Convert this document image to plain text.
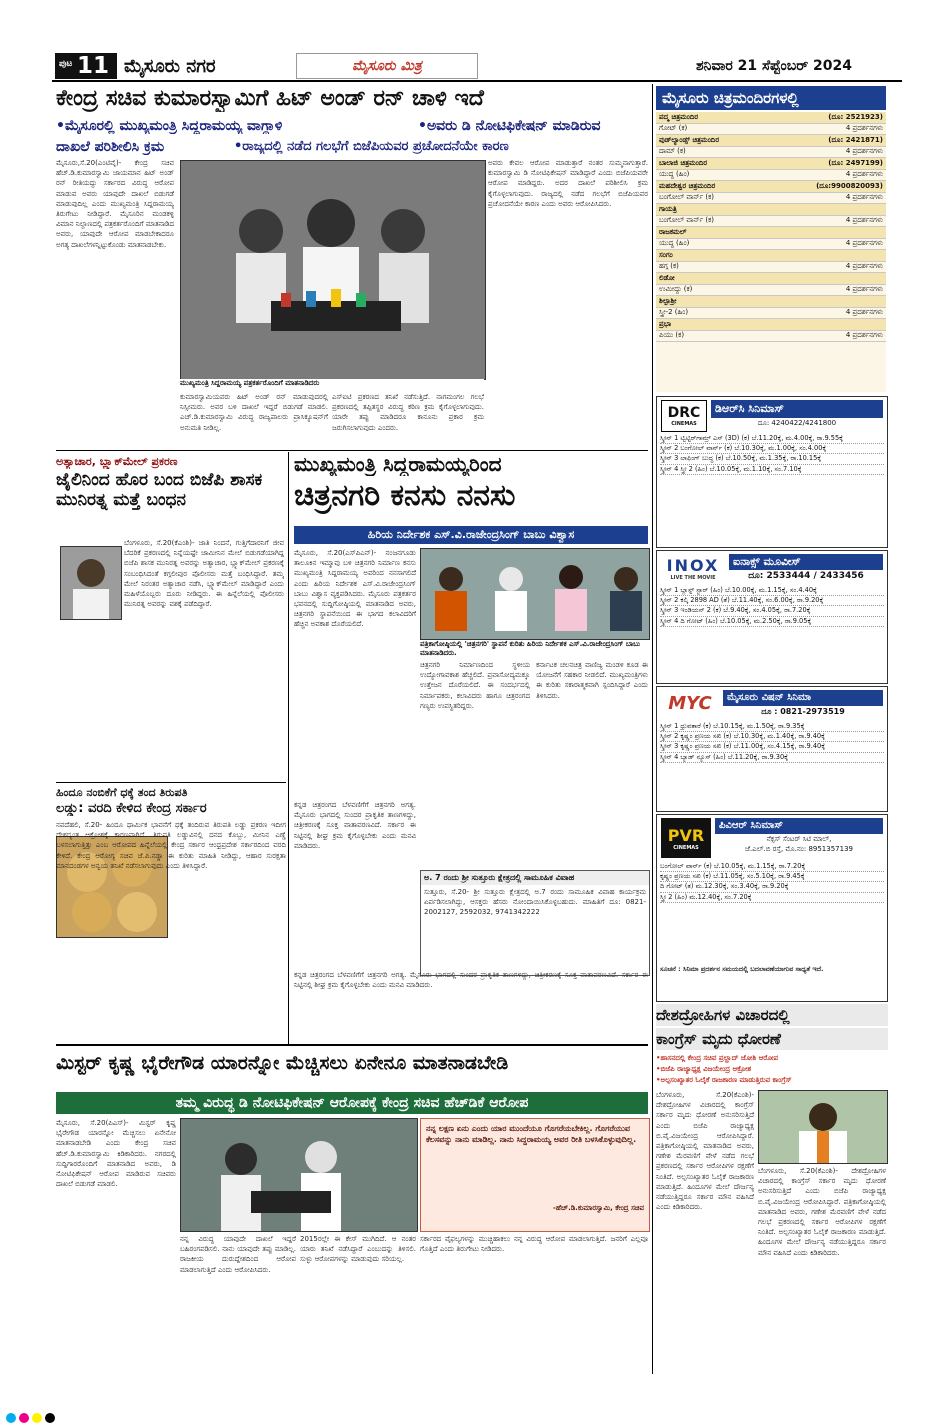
ಪುಟ 11 ಮೈಸೂರು ನಗರ	ಮೈಸೂರು ಮಿತ್ರ	ಶನಿವಾರ 21 ಸೆಪ್ಟೆಂಬರ್ 2024
ಕೇಂದ್ರ ಸಚಿವ ಕುಮಾರಸ್ವಾಮಿಗೆ ಹಿಟ್ ಅಂಡ್ ರನ್ ಚಾಳಿ ಇದೆ
•ಮೈಸೂರಲ್ಲಿ ಮುಖ್ಯಮಂತ್ರಿ ಸಿದ್ದರಾಮಯ್ಯ ವಾಗ್ದಾಳಿ	•ಅವರು ಡಿ ನೋಟಿಫಿಕೇಷನ್ ಮಾಡಿರುವ
ದಾಖಲೆ ಪರಿಶೀಲಿಸಿ ಕ್ರಮ	•ರಾಜ್ಯದಲ್ಲಿ ನಡೆದ ಗಲಭೆಗೆ ಬಿಜೆಪಿಯವರ ಪ್ರಚೋದನೆಯೇ ಕಾರಣ
ಮೈಸೂರು,ಸೆ.20(ಎಂಟಿವೈ)- ಕೇಂದ್ರ ಸಚಿವ ಹೆಚ್.ಡಿ.ಕುಮಾರಸ್ವಾಮಿ ಜಾಯಮಾನ ಹಿಟ್ ಅಂಡ್ ರನ್ ರೀತಿಯದ್ದು ಸರ್ಕಾರದ ವಿರುದ್ಧ ಆರೋಪ ಮಾಡುವ ಅವರು ಯಾವುದೇ ದಾಖಲೆ ಬಿಡುಗಡೆ ಮಾಡುವುದಿಲ್ಲ ಎಂದು ಮುಖ್ಯಮಂತ್ರಿ ಸಿದ್ದರಾಮಯ್ಯ ತಿರುಗೇಟು ನೀಡಿದ್ದಾರೆ. ಮೈಸೂರಿನ ಮಂಡಕಳ್ಳಿ ವಿಮಾನ ನಿಲ್ದಾಣದಲ್ಲಿ ಪತ್ರಕರ್ತರೊಂದಿಗೆ ಮಾತನಾಡಿದ ಅವರು, ಯಾವುದೇ ಆರೋಪ ಮಾಡಬೇಕಾದರೂ ಅಗತ್ಯ ದಾಖಲೆಗಳನ್ನಿಟ್ಟುಕೊಂಡು ಮಾತನಾಡಬೇಕು.
ಮುಖ್ಯಮಂತ್ರಿ ಸಿದ್ದರಾಮಯ್ಯ ಪತ್ರಕರ್ತರೊಂದಿಗೆ ಮಾತನಾಡಿದರು
ಅವರು ಕೇವಲ ಆರೋಪ ಮಾಡುತ್ತಾರೆ ನಂತರ ಸುಮ್ಮನಾಗುತ್ತಾರೆ. ಕುಮಾರಸ್ವಾಮಿ ಡಿ ನೋಟಿಫಿಕೇಷನ್ ಮಾಡಿದ್ದಾರೆ ಎಂದು ಬಿಜೆಪಿಯವರೇ ಆರೋಪ ಮಾಡಿದ್ದರು. ಅದರ ದಾಖಲೆ ಪರಿಶೀಲಿಸಿ ಕ್ರಮ ಕೈಗೊಳ್ಳಲಾಗುವುದು. ರಾಜ್ಯದಲ್ಲಿ ನಡೆದ ಗಲಭೆಗೆ ಬಿಜೆಪಿಯವರ ಪ್ರಚೋದನೆಯೇ ಕಾರಣ ಎಂದು ಅವರು ಆರೋಪಿಸಿದರು.
ಕುಮಾರಸ್ವಾಮಿಯವರು ಹಿಟ್ ಅಂಡ್ ರನ್ ಮಾಡುವುದರಲ್ಲಿ ನಿಸ್ಸೀಮರು. ಅವರ ಬಳಿ ದಾಖಲೆ ಇದ್ದರೆ ಬಿಡುಗಡೆ ಮಾಡಲಿ. ಎಚ್.ಡಿ.ಕುಮಾರಸ್ವಾಮಿ ವಿರುದ್ಧ ರಾಜ್ಯಪಾಲರು ಪ್ರಾಸಿಕ್ಯೂಷನ್‌ಗೆ ಅನುಮತಿ ನೀಡಿಲ್ಲ.
ಎಸ್‌ಐಟಿ ಪ್ರಕರಣದ ತನಿಖೆ ನಡೆಸುತ್ತಿದೆ. ನಾಗಮಂಗಲ ಗಲಭೆ ಪ್ರಕರಣದಲ್ಲಿ ತಪ್ಪಿತಸ್ಥರ ವಿರುದ್ಧ ಕಠಿಣ ಕ್ರಮ ಕೈಗೊಳ್ಳಲಾಗುವುದು. ಯಾರೇ ತಪ್ಪು ಮಾಡಿದರೂ ಕಾನೂನು ಪ್ರಕಾರ ಕ್ರಮ ಜರುಗಿಸಲಾಗುವುದು ಎಂದರು.
ಅತ್ಯಾಚಾರ, ಬ್ಲ್ಯಾಕ್‌ಮೇಲ್ ಪ್ರಕರಣ
ಜೈಲಿನಿಂದ ಹೊರ ಬಂದ ಬಿಜೆಪಿ ಶಾಸಕ ಮುನಿರತ್ನ ಮತ್ತೆ ಬಂಧನ
ಬೆಂಗಳೂರು, ಸೆ.20(ಕೆಎಂಶಿ)- ಜಾತಿ ನಿಂದನೆ, ಗುತ್ತಿಗೆದಾರನಿಗೆ ಜೀವ ಬೆದರಿಕೆ ಪ್ರಕರಣದಲ್ಲಿ ನಿನ್ನೆಯಷ್ಟೇ ಜಾಮೀನಿನ ಮೇಲೆ ಬಿಡುಗಡೆಯಾಗಿದ್ದ ಬಿಜೆಪಿ ಶಾಸಕ ಮುನಿರತ್ನ ಅವರನ್ನು ಅತ್ಯಾಚಾರ, ಬ್ಲ್ಯಾಕ್‌ಮೇಲ್ ಪ್ರಕರಣಕ್ಕೆ ಸಂಬಂಧಿಸಿದಂತೆ ಕಗ್ಗಲೀಪುರ ಪೊಲೀಸರು ಮತ್ತೆ ಬಂಧಿಸಿದ್ದಾರೆ. ತಮ್ಮ ಮೇಲೆ ನಿರಂತರ ಅತ್ಯಾಚಾರ ನಡೆಸಿ, ಬ್ಲ್ಯಾಕ್‌ಮೇಲ್ ಮಾಡಿದ್ದಾರೆ ಎಂದು ಮಹಿಳೆಯೊಬ್ಬರು ದೂರು ನೀಡಿದ್ದರು. ಈ ಹಿನ್ನೆಲೆಯಲ್ಲಿ ಪೊಲೀಸರು ಮುನಿರತ್ನ ಅವರನ್ನು ವಶಕ್ಕೆ ಪಡೆದಿದ್ದಾರೆ.
ಹಿಂದೂ ನಂಬಿಕೆಗೆ ಧಕ್ಕೆ ತಂದ ತಿರುಪತಿ
ಲಡ್ಡು: ವರದಿ ಕೇಳಿದ ಕೇಂದ್ರ ಸರ್ಕಾರ
ನವದೆಹಲಿ, ಸೆ.20- ಹಿಂದೂ ಧಾರ್ಮಿಕ ಭಾವನೆಗೆ ಧಕ್ಕೆ ತಂದಿರುವ ತಿರುಪತಿ ಲಡ್ಡು ಪ್ರಕರಣ ಇದೀಗ ದೇಶದ್ಯಂತ ಆಕ್ರೋಶಕ್ಕೆ ಕಾರಣವಾಗಿದೆ. ತಿರುಪತಿ ಲಡ್ಡುವಿನಲ್ಲಿ ದನದ ಕೊಬ್ಬು, ಮೀನಿನ ಎಣ್ಣೆ ಬಳಸಲಾಗುತ್ತಿತ್ತು ಎಂಬ ಆರೋಪದ ಹಿನ್ನೆಲೆಯಲ್ಲಿ ಕೇಂದ್ರ ಸರ್ಕಾರ ಆಂಧ್ರಪ್ರದೇಶ ಸರ್ಕಾರದಿಂದ ವರದಿ ಕೇಳಿದೆ. ಕೇಂದ್ರ ಆರೋಗ್ಯ ಸಚಿವ ಜೆ.ಪಿ.ನಡ್ಡಾ ಈ ಕುರಿತು ಮಾಹಿತಿ ನೀಡಿದ್ದು, ಆಹಾರ ಸುರಕ್ಷತಾ ಮಾನದಂಡಗಳ ಅನ್ವಯ ತನಿಖೆ ನಡೆಸಲಾಗುವುದು ಎಂದು ತಿಳಿಸಿದ್ದಾರೆ.
ಮುಖ್ಯಮಂತ್ರಿ ಸಿದ್ದರಾಮಯ್ಯರಿಂದ
ಚಿತ್ರನಗರಿ ಕನಸು ನನಸು
ಹಿರಿಯ ನಿರ್ದೇಶಕ ಎಸ್.ವಿ.ರಾಜೇಂದ್ರಸಿಂಗ್ ಬಾಬು ವಿಶ್ವಾಸ
ಮೈಸೂರು, ಸೆ.20(ಎಸ್‌ಪಿಎನ್)- ನಂಜನಗೂಡು ತಾಲೂಕಿನ ಇಮ್ಮಾವು ಬಳಿ ಚಿತ್ರನಗರಿ ನಿರ್ಮಾಣ ಕನಸು ಮುಖ್ಯಮಂತ್ರಿ ಸಿದ್ದರಾಮಯ್ಯ ಅವರಿಂದ ನನಸಾಗಲಿದೆ ಎಂದು ಹಿರಿಯ ನಿರ್ದೇಶಕ ಎಸ್.ವಿ.ರಾಜೇಂದ್ರಸಿಂಗ್ ಬಾಬು ವಿಶ್ವಾಸ ವ್ಯಕ್ತಪಡಿಸಿದರು. ಮೈಸೂರು ಪತ್ರಕರ್ತರ ಭವನದಲ್ಲಿ ಸುದ್ದಿಗೋಷ್ಠಿಯಲ್ಲಿ ಮಾತನಾಡಿದ ಅವರು, ಚಿತ್ರನಗರಿ ಸ್ಥಾಪನೆಯಿಂದ ಈ ಭಾಗದ ಕಲಾವಿದರಿಗೆ ಹೆಚ್ಚಿನ ಅವಕಾಶ ದೊರೆಯಲಿದೆ.
ಪತ್ರಿಕಾಗೋಷ್ಠಿಯಲ್ಲಿ 'ಚಿತ್ರನಗರಿ' ಸ್ಥಾಪನೆ ಕುರಿತು ಹಿರಿಯ ನಿರ್ದೇಶಕ ಎಸ್.ವಿ.ರಾಜೇಂದ್ರಸಿಂಗ್ ಬಾಬು ಮಾತನಾಡಿದರು.
ಕನ್ನಡ ಚಿತ್ರರಂಗದ ಬೆಳವಣಿಗೆಗೆ ಚಿತ್ರನಗರಿ ಅಗತ್ಯ. ಮೈಸೂರು ಭಾಗದಲ್ಲಿ ಸುಂದರ ಪ್ರಾಕೃತಿಕ ತಾಣಗಳಿದ್ದು, ಚಿತ್ರೀಕರಣಕ್ಕೆ ಸೂಕ್ತ ವಾತಾವರಣವಿದೆ. ಸರ್ಕಾರ ಈ ನಿಟ್ಟಿನಲ್ಲಿ ಶೀಘ್ರ ಕ್ರಮ ಕೈಗೊಳ್ಳಬೇಕು ಎಂದು ಮನವಿ ಮಾಡಿದರು.
ಚಿತ್ರನಗರಿ ನಿರ್ಮಾಣದಿಂದ ಸ್ಥಳೀಯ ಉದ್ಯೋಗಾವಕಾಶ ಹೆಚ್ಚಲಿದೆ. ಪ್ರವಾಸೋದ್ಯಮಕ್ಕೂ ಉತ್ತೇಜನ ದೊರೆಯಲಿದೆ. ಈ ಸಂದರ್ಭದಲ್ಲಿ ನಿರ್ಮಾಪಕರು, ಕಲಾವಿದರು ಹಾಗೂ ಚಿತ್ರರಂಗದ ಗಣ್ಯರು ಉಪಸ್ಥಿತರಿದ್ದರು.
ಕರ್ನಾಟಕ ಚಲನಚಿತ್ರ ವಾಣಿಜ್ಯ ಮಂಡಳಿ ಕೂಡ ಈ ಯೋಜನೆಗೆ ಸಹಕಾರ ನೀಡಲಿದೆ. ಮುಖ್ಯಮಂತ್ರಿಗಳು ಈ ಕುರಿತು ಸಕಾರಾತ್ಮಕವಾಗಿ ಸ್ಪಂದಿಸಿದ್ದಾರೆ ಎಂದು ತಿಳಿಸಿದರು.
ಅ. 7 ರಂದು ಶ್ರೀ ಸುತ್ತೂರು ಕ್ಷೇತ್ರದಲ್ಲಿ ಸಾಮೂಹಿಕ ವಿವಾಹ
ಸುತ್ತೂರು, ಸೆ.20- ಶ್ರೀ ಸುತ್ತೂರು ಕ್ಷೇತ್ರದಲ್ಲಿ ಅ.7 ರಂದು ಸಾಮೂಹಿಕ ವಿವಾಹ ಕಾರ್ಯಕ್ರಮ ಏರ್ಪಡಿಸಲಾಗಿದ್ದು, ಆಸಕ್ತರು ಹೆಸರು ನೋಂದಾಯಿಸಿಕೊಳ್ಳಬಹುದು. ಮಾಹಿತಿಗೆ ದೂ: 0821-2002127, 2592032, 9741342222
ಕನ್ನಡ ಚಿತ್ರರಂಗದ ಬೆಳವಣಿಗೆಗೆ ಚಿತ್ರನಗರಿ ಅಗತ್ಯ. ಮೈಸೂರು ಭಾಗದಲ್ಲಿ ಸುಂದರ ಪ್ರಾಕೃತಿಕ ತಾಣಗಳಿದ್ದು, ಚಿತ್ರೀಕರಣಕ್ಕೆ ಸೂಕ್ತ ವಾತಾವರಣವಿದೆ. ಸರ್ಕಾರ ಈ ನಿಟ್ಟಿನಲ್ಲಿ ಶೀಘ್ರ ಕ್ರಮ ಕೈಗೊಳ್ಳಬೇಕು ಎಂದು ಮನವಿ ಮಾಡಿದರು.
ಮಿಸ್ಟರ್ ಕೃಷ್ಣ ಭೈರೇಗೌಡ ಯಾರನ್ನೋ ಮೆಚ್ಚಿಸಲು ಏನೇನೂ ಮಾತನಾಡಬೇಡಿ
ತಮ್ಮ ವಿರುದ್ಧ ಡಿ ನೋಟಿಫಿಕೇಷನ್ ಆರೋಪಕ್ಕೆ ಕೇಂದ್ರ ಸಚಿವ ಹೆಚ್‌ಡಿಕೆ ಆರೋಪ
ಮೈಸೂರು, ಸೆ.20(ಪಿಎಸ್)- ಮಿಸ್ಟರ್ ಕೃಷ್ಣ ಭೈರೇಗೌಡ ಯಾರನ್ನೋ ಮೆಚ್ಚಿಸಲು ಏನೇನೋ ಮಾತನಾಡಬೇಡಿ ಎಂದು ಕೇಂದ್ರ ಸಚಿವ ಹೆಚ್.ಡಿ.ಕುಮಾರಸ್ವಾಮಿ ಕಿಡಿಕಾರಿದರು. ನಗರದಲ್ಲಿ ಸುದ್ದಿಗಾರರೊಂದಿಗೆ ಮಾತನಾಡಿದ ಅವರು, ಡಿ ನೋಟಿಫಿಕೇಷನ್ ಆರೋಪ ಮಾಡಿರುವ ಸಚಿವರು ದಾಖಲೆ ಬಿಡುಗಡೆ ಮಾಡಲಿ.
ನನ್ನ ಲಕ್ಷಣ ಏನು ಎಂದು ಯಾರ ಮುಂದೆಯೂ ಗೊಗರೆಯಬೇಕಿಲ್ಲ. ಗೊಗರೆಯುವ ಕೆಲಸವನ್ನು ನಾನು ಮಾಡಿಲ್ಲ. ನಾನು ಸಿದ್ದರಾಮಯ್ಯ ಅವರ ರೀತಿ ಬಳಸಿಕೊಳ್ಳುವುದಿಲ್ಲ.
-ಹೆಚ್.ಡಿ.ಕುಮಾರಸ್ವಾಮಿ, ಕೇಂದ್ರ ಸಚಿವ
ನನ್ನ ವಿರುದ್ಧ ಯಾವುದೇ ದಾಖಲೆ ಇದ್ದರೆ ಬಹಿರಂಗಪಡಿಸಲಿ. ನಾನು ಯಾವುದೇ ತಪ್ಪು ಮಾಡಿಲ್ಲ. ರಾಜಕೀಯ ದುರುದ್ದೇಶದಿಂದ ಆರೋಪ ಮಾಡಲಾಗುತ್ತಿದೆ ಎಂದು ಆರೋಪಿಸಿದರು.
2015ರಲ್ಲೇ ಈ ಕೇಸ್ ಮುಗಿದಿದೆ. ಆ ನಂತರ ಯಾರು ತನಿಖೆ ನಡೆಸಿದ್ದಾರೆ ಎಂಬುದನ್ನು ತಿಳಿಸಲಿ. ಸುಳ್ಳು ಆರೋಪಗಳನ್ನು ಮಾಡುವುದು ಸರಿಯಲ್ಲ.
ಸರ್ಕಾರದ ವೈಫಲ್ಯಗಳನ್ನು ಮುಚ್ಚಿಹಾಕಲು ನನ್ನ ವಿರುದ್ಧ ಆರೋಪ ಮಾಡಲಾಗುತ್ತಿದೆ. ಜನರಿಗೆ ಎಲ್ಲವೂ ಗೊತ್ತಿದೆ ಎಂದು ತಿರುಗೇಟು ನೀಡಿದರು.
ಮೈಸೂರು ಚಿತ್ರಮಂದಿರಗಳಲ್ಲಿ
ಪದ್ಮ ಚಿತ್ರಮಂದಿರ	(ದೂ: 2521923)
ಗೋಟ್ (ಕ)	4 ಪ್ರದರ್ಶನಗಳು
ವುಡ್‌ಲ್ಯಾಂಡ್ಸ್ ಚಿತ್ರಮಂದಿರ	(ದೂ: 2421871)
ದಾಮ್ (ಕ)	4 ಪ್ರದರ್ಶನಗಳು
ಬಾಲಾಜಿ ಚಿತ್ರಮಂದಿರ	(ದೂ: 2497199)
ಯುದ್ಧ (ಹಿಂ)	4 ಪ್ರದರ್ಶನಗಳು
ಮಹದೇಶ್ವರ ಚಿತ್ರಮಂದಿರ	(ದೂ:9900820093)
ಬಂಗೋಲ್ ವಾರ್ನ್ (ಕ)	4 ಪ್ರದರ್ಶನಗಳು
ಗಾಯತ್ರಿ
ಬಂಗೋಲ್ ವಾರ್ನ್ (ಕ)	4 ಪ್ರದರ್ಶನಗಳು
ರಾಜಕಮಲ್
ಯುದ್ಧ (ಹಿಂ)	4 ಪ್ರದರ್ಶನಗಳು
ಸಂಗಂ
ಹಗ್ಗ (ಕ)	4 ಪ್ರದರ್ಶನಗಳು
ಲಿಡೋ
ಉಮೀದ್ದು (ಕ)	4 ಪ್ರದರ್ಶನಗಳು
ಶಿಲ್ಪಾಶ್ರೀ
ಸ್ತ್ರೀ-2 (ಹಿಂ)	4 ಪ್ರದರ್ಶನಗಳು
ಪ್ರಭಾ
ಪಿಯು (ಕ)	4 ಪ್ರದರ್ಶನಗಳು
DRC
CINEMAS
ಡಿಆರ್‌ಸಿ ಸಿನಿಮಾಸ್
ದೂ: 4240422/4241800
ಸ್ಕ್ರೀನ್ 1 ಟ್ವಿಟ್ಟಿರ್‌ಗಾಮ್ರ್ ಎಸ್ (3D) (ಕ) ಬೆ.11.20ಕ್ಕೆ, ಮ.4.00ಕ್ಕೆ, ರಾ.9.55ಕ್ಕೆ
ಸ್ಕ್ರೀನ್ 2 ಬಂಗೋಲ್ ವಾರ್ನ್ (ಕ) ಬೆ.10.30ಕ್ಕೆ, ಮ.1.00ಕ್ಕೆ, ಸಂ.4.00ಕ್ಕೆ
ಸ್ಕ್ರೀನ್ 3 ಲಾಫಿಂಗ್ ಬುದ್ಧ (ಕ) ಬೆ.10.50ಕ್ಕೆ, ಮ.1.35ಕ್ಕೆ, ರಾ.10.15ಕ್ಕೆ
ಸ್ಕ್ರೀನ್ 4 ಸ್ತ್ರೀ 2 (ಹಿಂ) ಬೆ.10.05ಕ್ಕೆ, ಮ.1.10ಕ್ಕೆ, ಸಂ.7.10ಕ್ಕೆ
INOX
LIVE THE MOVIE
ಐನಾಕ್ಸ್ ಮೂವೀಸ್
ದೂ: 2533444 / 2433456
ಸ್ಕ್ರೀನ್ 1 ಬ್ಲಾಸ್ಟ್ ಸ್ಟಾರ್ (ಹಿಂ) ಬೆ.10.00ಕ್ಕೆ, ಮ.1.15ಕ್ಕೆ, ಸಂ.4.40ಕ್ಕೆ
ಸ್ಕ್ರೀನ್ 2 ಕಲ್ಕಿ 2898 AD (ತೆ) ಬೆ.11.40ಕ್ಕೆ, ಸಂ.6.00ಕ್ಕೆ, ರಾ.9.20ಕ್ಕೆ
ಸ್ಕ್ರೀನ್ 3 ಇಂಡಿಯನ್ 2 (ಕ) ಬೆ.9.40ಕ್ಕೆ, ಸಂ.4.05ಕ್ಕೆ, ರಾ.7.20ಕ್ಕೆ
ಸ್ಕ್ರೀನ್ 4 ದಿ ಗೋಟ್ (ಹಿಂ) ಬೆ.10.05ಕ್ಕೆ, ಮ.2.50ಕ್ಕೆ, ರಾ.9.05ಕ್ಕೆ
MYC	ಮೈಸೂರು ವಿಷನ್ ಸಿನಿಮಾ
ದೂ : 0821-2973519
ಸ್ಕ್ರೀನ್ 1 ಧ್ರುವತಾರೆ (ಕ) ಬೆ.10.15ಕ್ಕೆ, ಮ.1.50ಕ್ಕೆ, ರಾ.9.35ಕ್ಕೆ
ಸ್ಕ್ರೀನ್ 2 ಕೃಷ್ಣಂ ಪ್ರಣಯ ಸಖಿ (ಕ) ಬೆ.10.30ಕ್ಕೆ, ಮ.1.40ಕ್ಕೆ, ರಾ.9.40ಕ್ಕೆ
ಸ್ಕ್ರೀನ್ 3 ಕೃಷ್ಣಂ ಪ್ರಣಯ ಸಖಿ (ಕ) ಬೆ.11.00ಕ್ಕೆ, ಸಂ.4.15ಕ್ಕೆ, ರಾ.9.40ಕ್ಕೆ
ಸ್ಕ್ರೀನ್ 4 ಬ್ಯಾಡ್ ನ್ಯೂಸ್ (ಹಿಂ) ಬೆ.11.20ಕ್ಕೆ, ರಾ.9.30ಕ್ಕೆ
PVR
CINEMAS
ಪಿವಿಆರ್ ಸಿನಿಮಾಸ್
ನೆಕ್ಸಸ್ ಸೆಂಟರ್ ಸಿಟಿ ಮಾಲ್,
ಜೆ.ಎಲ್.ಬಿ ರಸ್ತೆ, ಮೊ.ನಂ: 8951357139
ಬಂಗೋಲ್ ವಾರ್ನ್ (ಕ) ಬೆ.10.05ಕ್ಕೆ, ಮ.1.15ಕ್ಕೆ, ರಾ.7.20ಕ್ಕೆ
ಕೃಷ್ಣಂ ಪ್ರಣಯ ಸಖಿ (ಕ) ಬೆ.11.05ಕ್ಕೆ, ಸಂ.5.10ಕ್ಕೆ, ರಾ.9.45ಕ್ಕೆ
ದಿ ಗೋಟ್ (ತ) ಮ.12.30ಕ್ಕೆ, ಸಂ.3.40ಕ್ಕೆ, ರಾ.9.20ಕ್ಕೆ
ಸ್ತ್ರೀ 2 (ಹಿಂ) ಮ.12.40ಕ್ಕೆ, ಸಂ.7.20ಕ್ಕೆ
ಸೂಚನೆ : ಸಿನಿಮಾ ಪ್ರದರ್ಶನ ಸಮಯದಲ್ಲಿ ಬದಲಾವಣೆಯಾಗುವ ಸಾಧ್ಯತೆ ಇದೆ.
ದೇಶದ್ರೋಹಿಗಳ ವಿಚಾರದಲ್ಲಿ
ಕಾಂಗ್ರೆಸ್ ಮೃದು ಧೋರಣೆ
•ಹಾಸನದಲ್ಲಿ ಕೇಂದ್ರ ಸಚಿವ ಪ್ರಲ್ಹಾದ್ ಜೋಶಿ ಆರೋಪ
•ಬಿಜೆಪಿ ರಾಜ್ಯಾಧ್ಯಕ್ಷ ವಿಜಯೇಂದ್ರ ಆಕ್ರೋಶ
•ಅಲ್ಪಸಂಖ್ಯಾತರ ಓಲೈಕೆ ರಾಜಕಾರಣ ಮಾಡುತ್ತಿರುವ ಕಾಂಗ್ರೆಸ್
ಬೆಂಗಳೂರು, ಸೆ.20(ಕೆಎಂಶಿ)- ದೇಶದ್ರೋಹಿಗಳ ವಿಚಾರದಲ್ಲಿ ಕಾಂಗ್ರೆಸ್ ಸರ್ಕಾರ ಮೃದು ಧೋರಣೆ ಅನುಸರಿಸುತ್ತಿದೆ ಎಂದು ಬಿಜೆಪಿ ರಾಜ್ಯಾಧ್ಯಕ್ಷ ಬಿ.ವೈ.ವಿಜಯೇಂದ್ರ ಆರೋಪಿಸಿದ್ದಾರೆ. ಪತ್ರಿಕಾಗೋಷ್ಠಿಯಲ್ಲಿ ಮಾತನಾಡಿದ ಅವರು, ಗಣೇಶ ಮೆರವಣಿಗೆ ವೇಳೆ ನಡೆದ ಗಲಭೆ ಪ್ರಕರಣದಲ್ಲಿ ಸರ್ಕಾರ ಆರೋಪಿಗಳ ರಕ್ಷಣೆಗೆ ನಿಂತಿದೆ. ಅಲ್ಪಸಂಖ್ಯಾತರ ಓಲೈಕೆ ರಾಜಕಾರಣ ಮಾಡುತ್ತಿದೆ. ಹಿಂದೂಗಳ ಮೇಲೆ ದೌರ್ಜನ್ಯ ನಡೆಯುತ್ತಿದ್ದರೂ ಸರ್ಕಾರ ಮೌನ ವಹಿಸಿದೆ ಎಂದು ಕಿಡಿಕಾರಿದರು.
ಬೆಂಗಳೂರು, ಸೆ.20(ಕೆಎಂಶಿ)- ದೇಶದ್ರೋಹಿಗಳ ವಿಚಾರದಲ್ಲಿ ಕಾಂಗ್ರೆಸ್ ಸರ್ಕಾರ ಮೃದು ಧೋರಣೆ ಅನುಸರಿಸುತ್ತಿದೆ ಎಂದು ಬಿಜೆಪಿ ರಾಜ್ಯಾಧ್ಯಕ್ಷ ಬಿ.ವೈ.ವಿಜಯೇಂದ್ರ ಆರೋಪಿಸಿದ್ದಾರೆ. ಪತ್ರಿಕಾಗೋಷ್ಠಿಯಲ್ಲಿ ಮಾತನಾಡಿದ ಅವರು, ಗಣೇಶ ಮೆರವಣಿಗೆ ವೇಳೆ ನಡೆದ ಗಲಭೆ ಪ್ರಕರಣದಲ್ಲಿ ಸರ್ಕಾರ ಆರೋಪಿಗಳ ರಕ್ಷಣೆಗೆ ನಿಂತಿದೆ. ಅಲ್ಪಸಂಖ್ಯಾತರ ಓಲೈಕೆ ರಾಜಕಾರಣ ಮಾಡುತ್ತಿದೆ. ಹಿಂದೂಗಳ ಮೇಲೆ ದೌರ್ಜನ್ಯ ನಡೆಯುತ್ತಿದ್ದರೂ ಸರ್ಕಾರ ಮೌನ ವಹಿಸಿದೆ ಎಂದು ಕಿಡಿಕಾರಿದರು.
